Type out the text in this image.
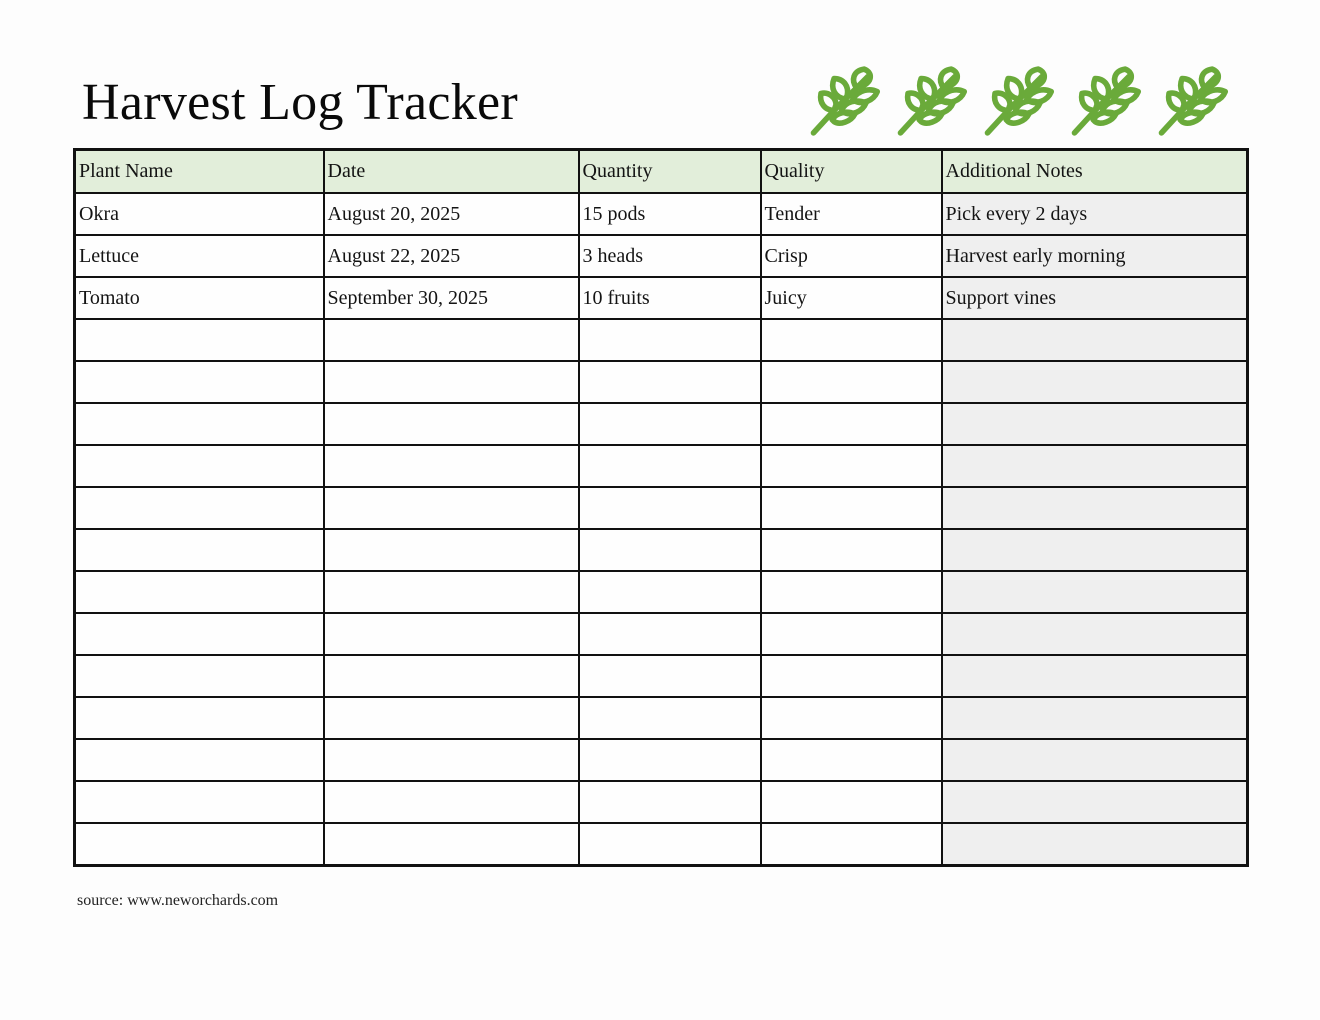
Harvest Log Tracker
Plant Name	Date	Quantity	Quality	Additional Notes
Okra	August 20, 2025	15 pods	Tender	Pick every 2 days
Lettuce	August 22, 2025	3 heads	Crisp	Harvest early morning
Tomato	September 30, 2025	10 fruits	Juicy	Support vines

source: www.neworchards.com
